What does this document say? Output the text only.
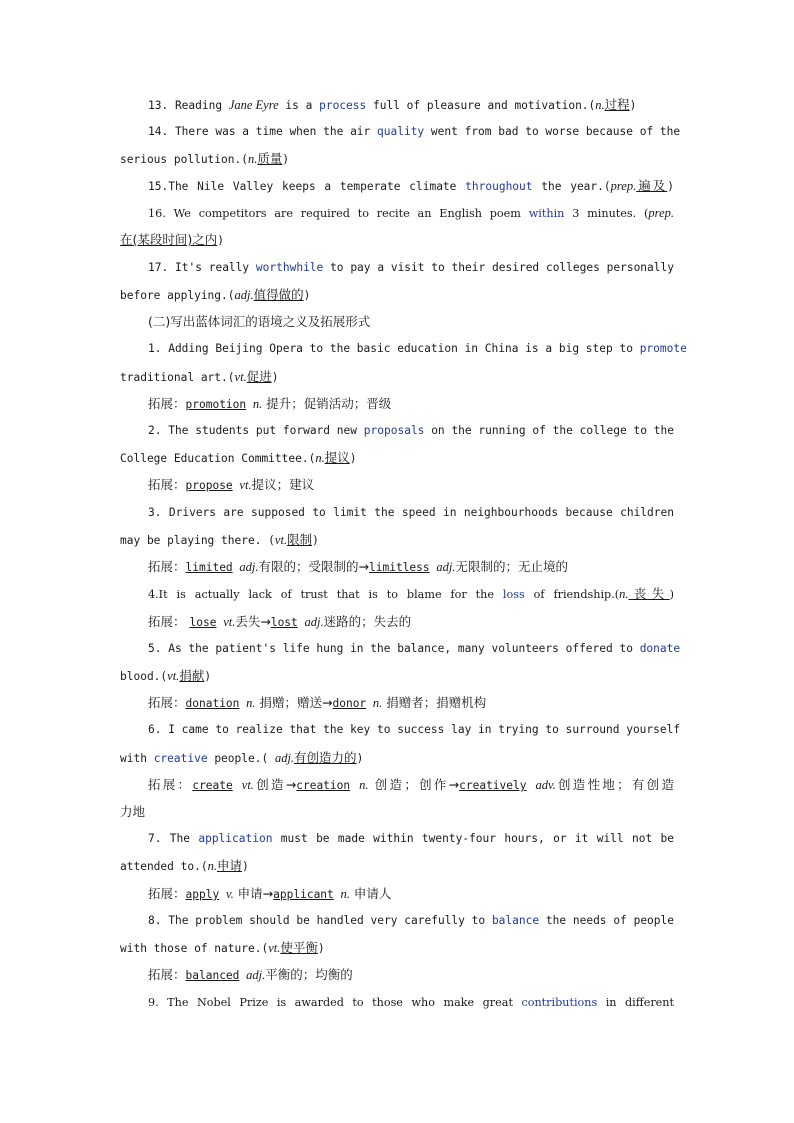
13. Reading Jane Eyre is a process full of pleasure and motivation.(n.过程)
14. There was a time when the air quality went from bad to worse because of the
serious pollution.(n.质量)
15.The Nile Valley keeps a temperate climate throughout the year.(prep.遍及)
16. We competitors are required to recite an English poem within 3 minutes. (prep.
在(某段时间)之内)
17. It's really worthwhile to pay a visit to their desired colleges personally
before applying.(adj.值得做的)
(二)写出蓝体词汇的语境之义及拓展形式
1. Adding Beijing Opera to the basic education in China is a big step to promote
traditional art.(vt.促进)
拓展：promotion n. 提升；促销活动；晋级
2. The students put forward new proposals on the running of the college to the
College Education Committee.(n.提议)
拓展：propose vt.提议；建议
3. Drivers are supposed to limit the speed in neighbourhoods because children
may be playing there. (vt.限制)
拓展：limited adj.有限的；受限制的→limitless adj.无限制的；无止境的
4.It is actually lack of trust that is to blame for the loss of friendship.(n.丧失)
拓展： lose vt.丢失→lost adj.迷路的；失去的
5. As the patient's life hung in the balance, many volunteers offered to donate
blood.(vt.捐献)
拓展：donation n. 捐赠；赠送→donor n. 捐赠者；捐赠机构
6. I came to realize that the key to success lay in trying to surround yourself
with creative people.( adj.有创造力的)
拓展：create vt.创造→creation n. 创造；创作→creatively adv.创造性地；有创造
力地
7. The application must be made within twenty-four hours, or it will not be
attended to.(n.申请)
拓展：apply v. 申请→applicant n. 申请人
8. The problem should be handled very carefully to balance the needs of people
with those of nature.(vt.使平衡)
拓展：balanced adj.平衡的；均衡的
9. The Nobel Prize is awarded to those who make great contributions in different
